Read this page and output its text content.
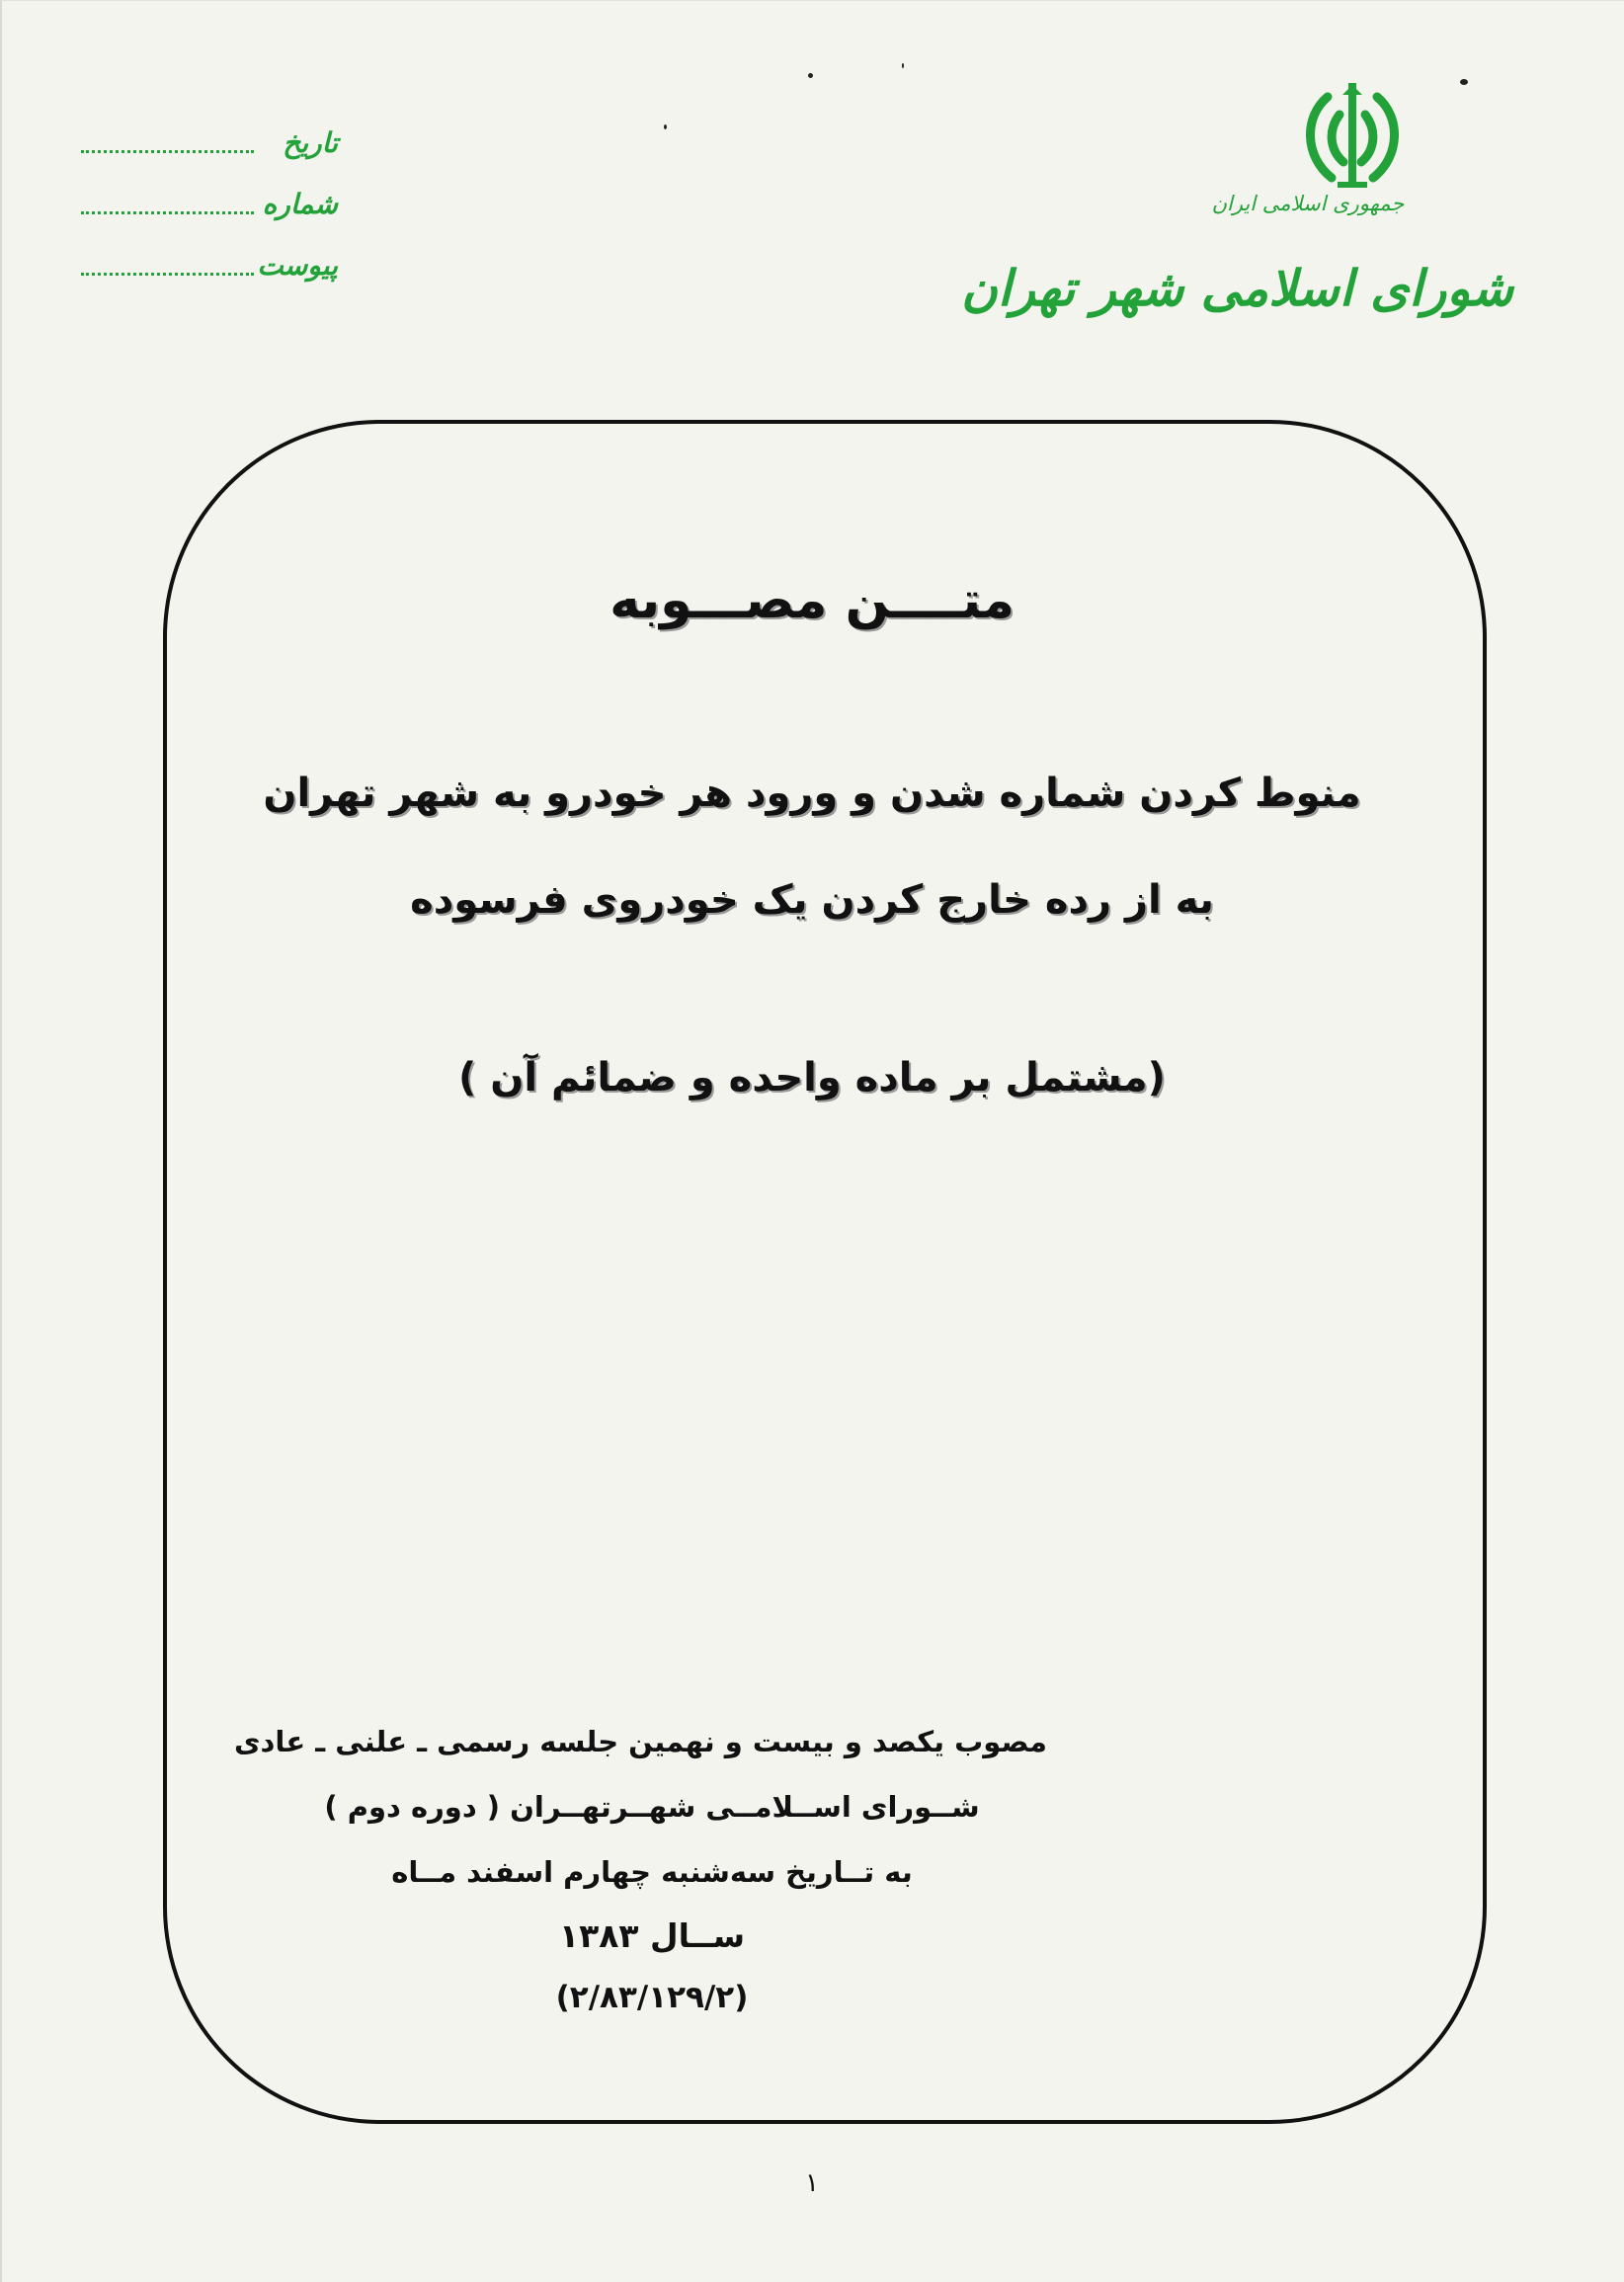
جمهوری اسلامی ایران
شورای اسلامی شهر تهران
تاریخ
شماره
پیوست
متــــن مصـــوبه
منوط کردن شماره شدن و ورود هر خودرو به شهر تهران
به از رده خارج کردن یک خودروی فرسوده
(مشتمل بر ماده واحده و ضمائم آن )
مصوب یکصد و بیست و نهمین جلسه رسمی ـ علنی ـ عادی
شــورای اســلامــی شهــرتهــران ( دوره دوم )
به تــاریخ سه‌شنبه چهارم اسفند مــاه
ســال ۱۳۸۳
(۲/۸۳/۱۲۹/۲)
۱
